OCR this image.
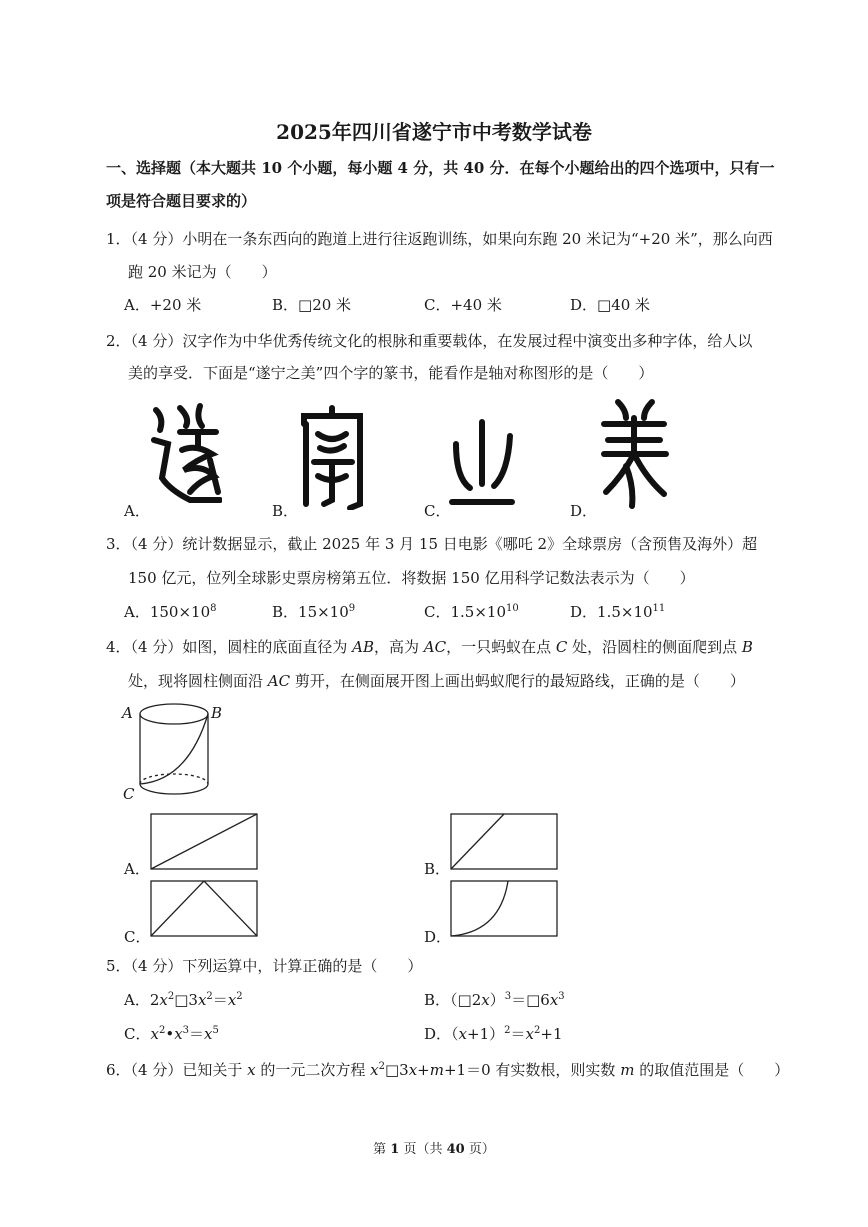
2025年四川省遂宁市中考数学试卷
一、选择题（本大题共 10 个小题，每小题 4 分，共 40 分．在每个小题给出的四个选项中，只有一
项是符合题目要求的）
1．（4 分）小明在一条东西向的跑道上进行往返跑训练，如果向东跑 20 米记为“+20 米”，那么向西
跑 20 米记为（　　）
A．+20 米	B．□20 米	C．+40 米	D．□40 米
2．（4 分）汉字作为中华优秀传统文化的根脉和重要载体，在发展过程中演变出多种字体，给人以
美的享受．下面是“遂宁之美”四个字的篆书，能看作是轴对称图形的是（　　）
A．	B．	C．	D．
3．（4 分）统计数据显示，截止 2025 年 3 月 15 日电影《哪吒 2》全球票房（含预售及海外）超
150 亿元，位列全球影史票房榜第五位．将数据 150 亿用科学记数法表示为（　　）
A．$150\times 10^8$	B．$15\times 10^9$	C．$1.5\times 10^{10}$	D．$1.5\times 10^{11}$
4．（4 分）如图，圆柱的底面直径为 AB，高为 AC，一只蚂蚁在点 C 处，沿圆柱的侧面爬到点 B
处，现将圆柱侧面沿 AC 剪开，在侧面展开图上画出蚂蚁爬行的最短路线，正确的是（　　）
A	B
C
A．	B．
C．	D．
5．（4 分）下列运算中，计算正确的是（　　）
A．$2x^2□3x^2=x^2$	B．$(□2x)^3=□6x^3$
C．$x^2•x^3=x^5$	D．$(x+1)^2=x^2+1$
6．（4 分）已知关于 x 的一元二次方程 $x^2□3x+m+1=0$ 有实数根，则实数 m 的取值范围是（　　）
第 1 页（共 40 页）
